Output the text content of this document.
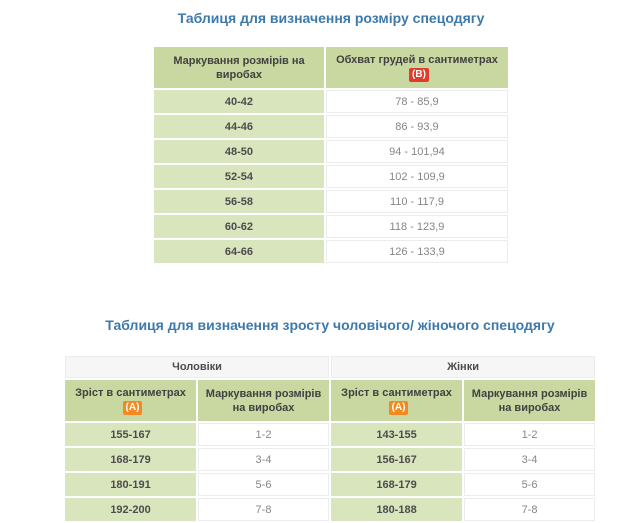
Таблиця для визначення розміру спецодягу
Маркування розмірів на виробах	Обхват грудей в сантиметрах(В)
40-42	78 - 85,9
44-46	86 - 93,9
48-50	94 - 101,94
52-54	102 - 109,9
56-58	110 - 117,9
60-62	118 - 123,9
64-66	126 - 133,9
Таблиця для визначення зросту чоловічого/ жіночого спецодягу
Чоловіки		Жінки	
Зріст в сантиметрах(А)	Маркування розмірів на виробах	Зріст в сантиметрах(А)	Маркування розмірів на виробах
155-167	1-2	143-155	1-2
168-179	3-4	156-167	3-4
180-191	5-6	168-179	5-6
192-200	7-8	180-188	7-8
